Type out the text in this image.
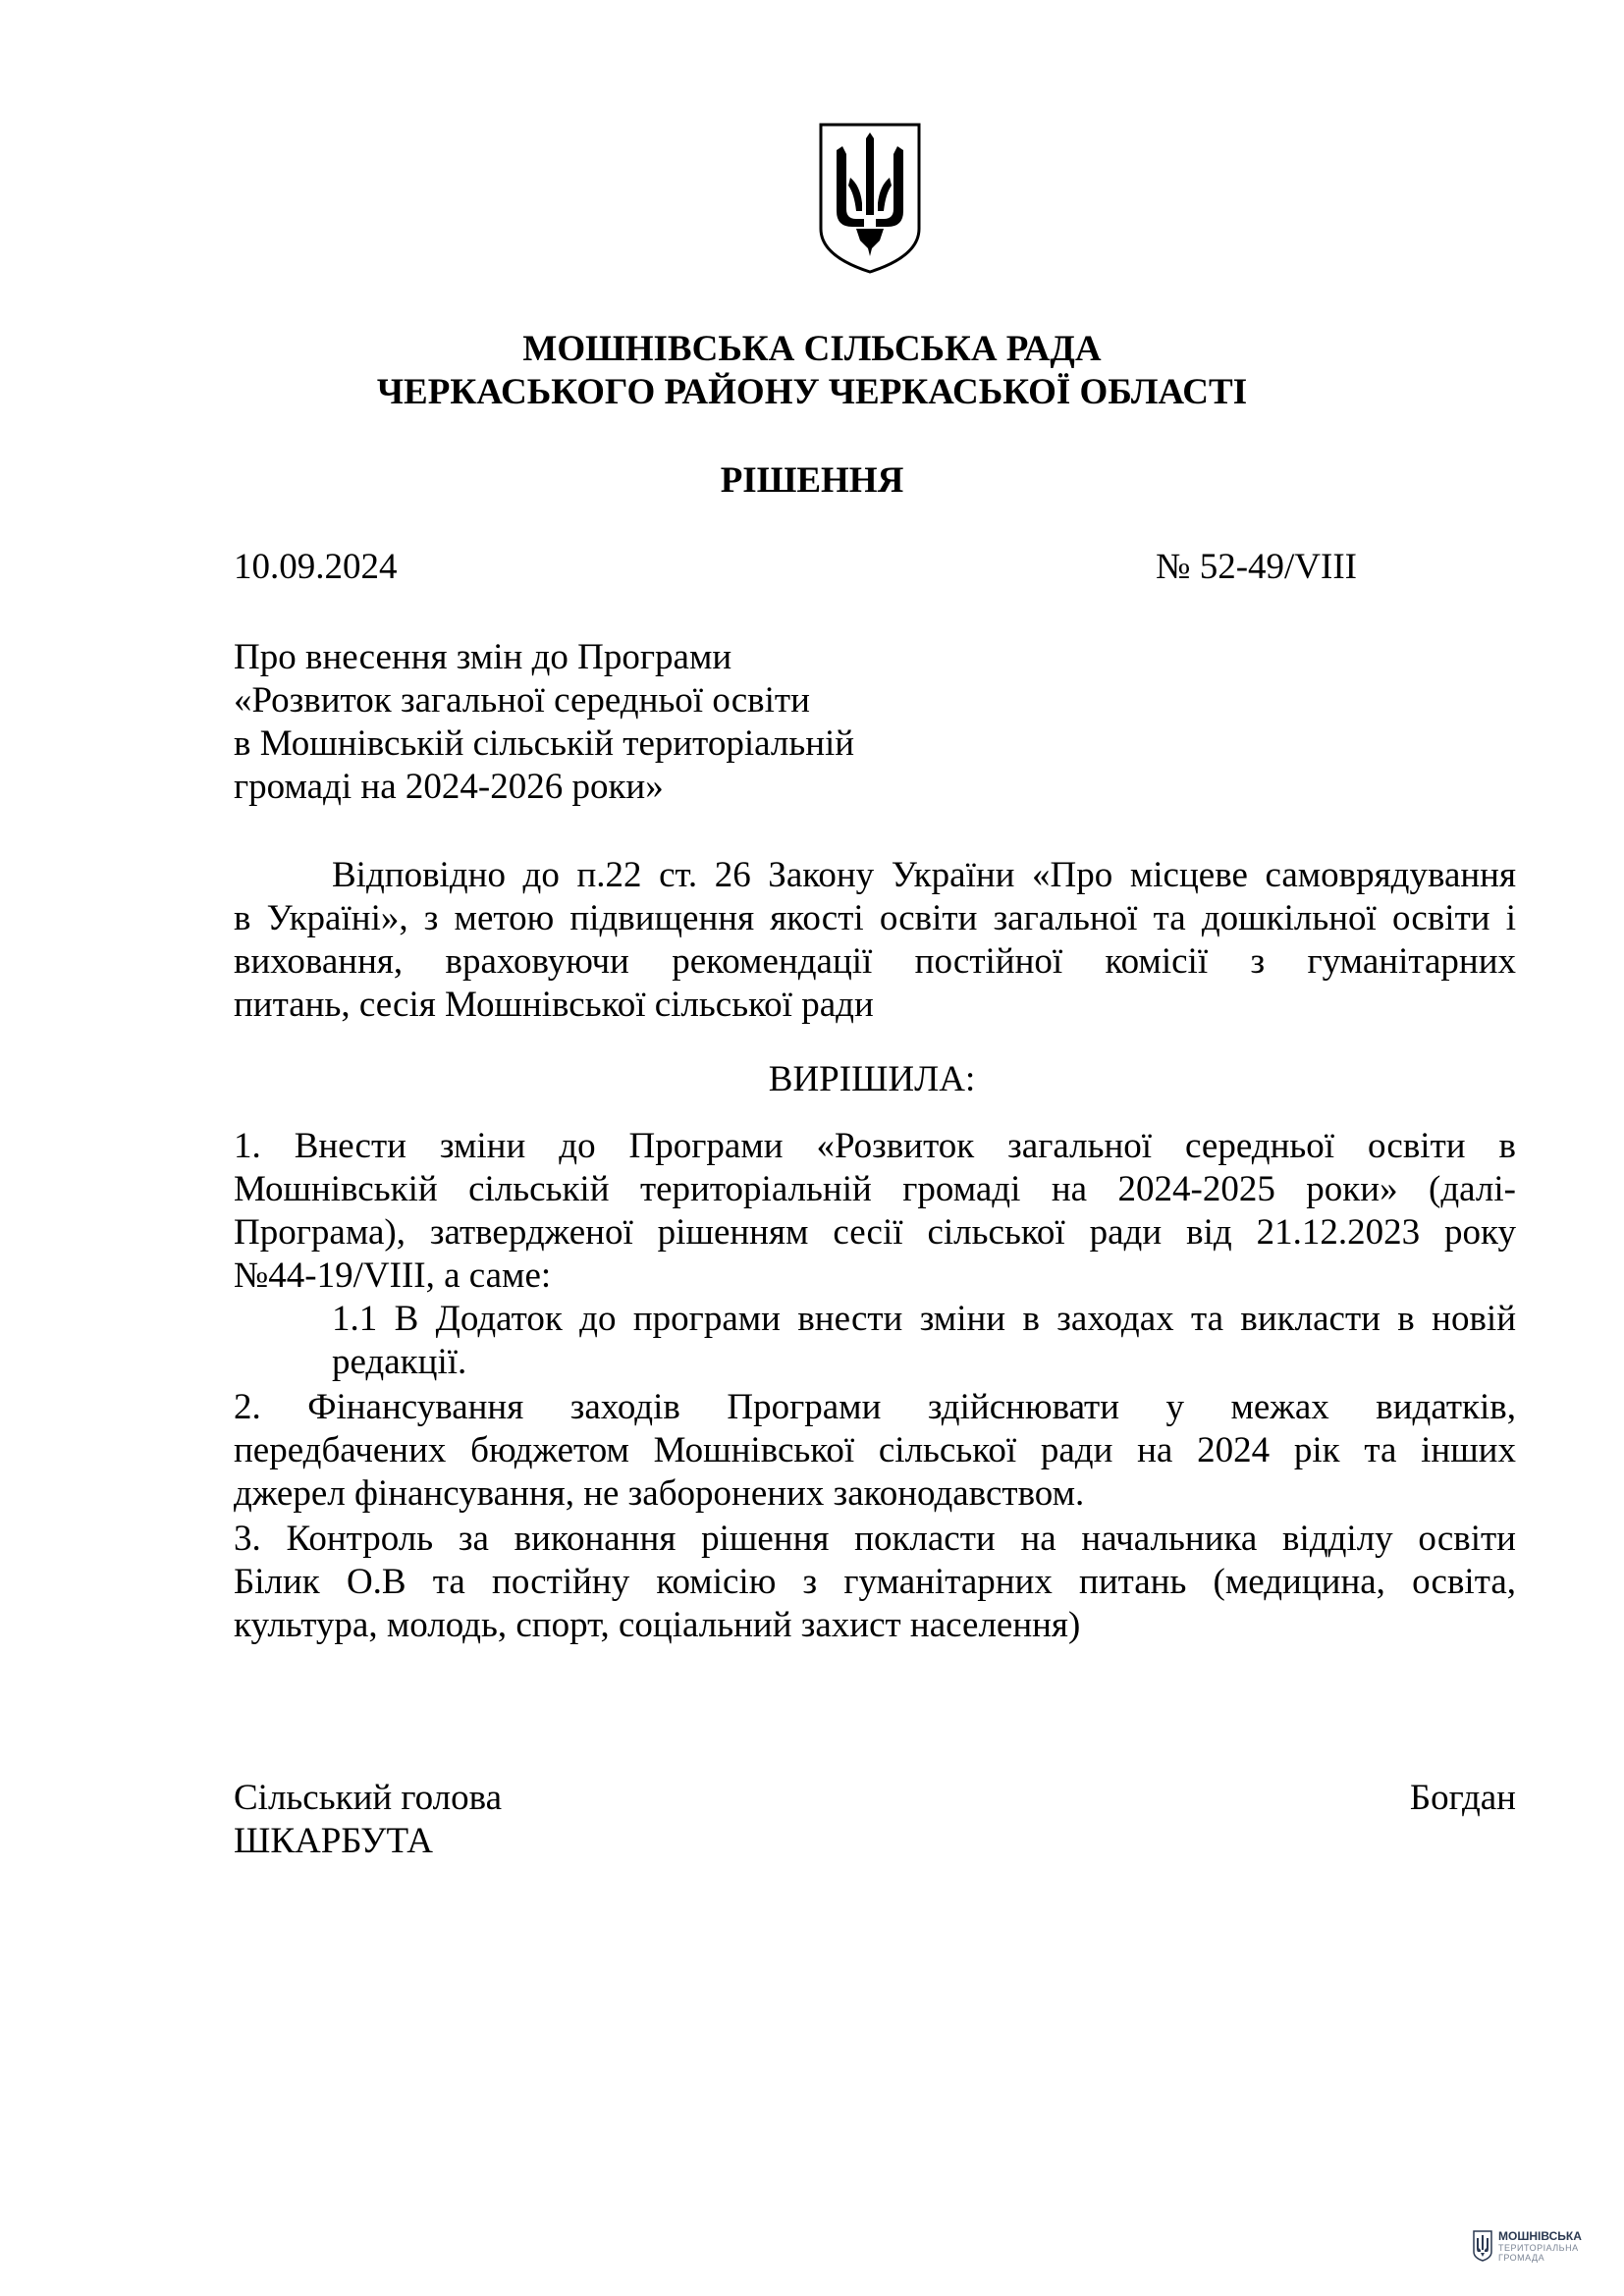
МОШНІВСЬКА СІЛЬСЬКА РАДА
ЧЕРКАСЬКОГО РАЙОНУ ЧЕРКАСЬКОЇ ОБЛАСТІ
РІШЕННЯ
10.09.2024	№ 52-49/VIII
Про внесення змін до Програми
«Розвиток загальної середньої освіти
в Мошнівській сільській територіальній
громаді на 2024-2026 роки»
Відповідно до п.22 ст. 26 Закону України «Про місцеве самоврядування
в Україні», з метою підвищення якості освіти загальної та дошкільної освіти і
виховання, враховуючи рекомендації постійної комісії з гуманітарних
питань, сесія Мошнівської сільської ради
ВИРІШИЛА:
1. Внести зміни до Програми «Розвиток загальної середньої освіти в
Мошнівській сільській територіальній громаді на 2024-2025 роки» (далі-
Програма), затвердженої рішенням сесії сільської ради від 21.12.2023 року
№44-19/VIII, а саме:
1.1 В Додаток до програми внести зміни в заходах та викласти в новій
редакції.
2. Фінансування заходів Програми здійснювати у межах видатків,
передбачених бюджетом Мошнівської сільської ради на 2024 рік та інших
джерел фінансування, не заборонених законодавством.
3. Контроль за виконання рішення покласти на начальника відділу освіти
Білик О.В та постійну комісію з гуманітарних питань (медицина, освіта,
культура, молодь, спорт, соціальний захист населення)
Сільський голова	Богдан
ШКАРБУТА
МОШНІВСЬКА
ТЕРИТОРІАЛЬНА
ГРОМАДА
